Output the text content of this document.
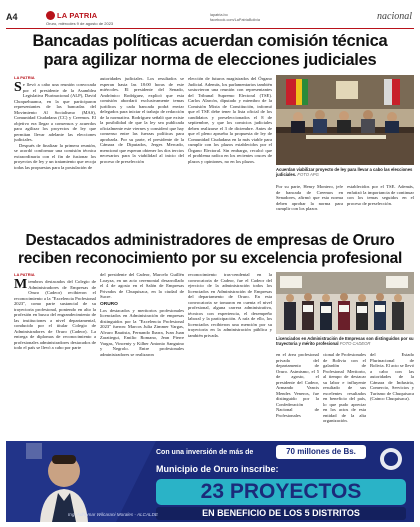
A4	LA PATRIA
Oruro, miércoles 9 de agosto de 2023
lapatria.bo
facebook.com/LaPatriaBolivia	nacional
Bancadas políticas acuerdan comisión técnica
para agilizar norma de elecciones judiciales
LA PATRIA
S e llevó a cabo una reunión convocada por el presidente de la Asamblea Legislativa Plurinacional (ALP), David Choquehuanca, en la que participaron representantes de las bancadas del Movimiento Al Socialismo (MAS), Comunidad Ciudadana (CC) y Creemos. El objetivo era llegar a consensos y acuerdos para agilizar los proyectos de ley que permitan llevar adelante las elecciones judiciales.

Después de finalizar la primera reunión, se acordó conformar una comisión técnica extraordinaria con el fin de fusionar los proyectos de ley y un tratamiento que recoja todas las propuestas para la postulación de

autoridades judiciales. Los resultados se esperan hasta las 18:00 horas de este miércoles. El presidente del Senado, Andrónico Rodríguez, explicó que esta comisión abordará exclusivamente temas jurídicos y cada bancada podrá enviar delegados para iniciar el trabajo de redacción de la normativa. Rodríguez señaló que existe la posibilidad de que la ley sea publicada oficialmente este viernes y consideró que hay consenso entre las fuerzas políticas para aprobarla. Por su parte, el presidente de la Cámara de Diputados, Jerges Mercado, mencionó que esperan obtener los dos tercios necesarios para la viabilidad al inicio del proceso de preselección

elección de futuros magistrados del Órgano Judicial. Además, los parlamentarios también sostuvieron una reunión con representantes del Tribunal Supremo Electoral (TSE). Carlos Alarcón, diputado y miembro de la Comisión Mixta de Constitución, informó que el TSE debe tener la lista oficial de los candidatos y preseleccionados el 8 de septiembre, y que los comicios judiciales deben realizarse el 3 de diciembre. Antes de que el pleno aprueba la propuesta de ley de Comunidad Ciudadana en la más viable para cumplir con los plazos establecidos por el Órgano Electoral. Sin embargo, recalcó que el problema radica en los recientes cruces de plazos y opiniones, no en los plazos.

Acuerdan viabilizar proyecto de ley para llevar a cabo las elecciones judiciales. FOTO APG

Por su parte, Henry Montero, jefe de bancada de Creemos en Senadores, afirmó que esta norma deben aprobar la norma para cumplir con los plazos

establecidos por el TSE. Además, enfatizó la importancia de continuar con los temas seguidos en el proceso de preselección.

Destacados administradores de empresas de Oruro
reciben reconocimiento por su excelencia profesional
LA PATRIA
M iembros destacados del Colegio de Administradores de Empresas de Oruro (Cadeor) recibieron el reconocimiento a la "Excelencia Profesional 2023", como parte sustancial de su trayectoria profesional, poniendo en alto la profesión en busca del engrandecimiento de las instituciones a nivel departamental, conducido por el titular Colegio de Administradores de Oruro (Cadeor). La entrega de diplomas de reconocimiento a profesionales administradores destacados de todo el país se llevó a cabo por parte

del presidente del Cadeor, Marcelo Guillén Loayza, en un acto ceremonial desarrollado el 4 de agosto en el Salón de Empresas Privados de Chuquisaca, en la ciudad de Sucre.

ORURO

Los destacados y meritorios profesionales licenciados en Administración de empresas distinguidos por la "Excelencia Profesional 2023" fueron: Marcos Julia Zimmer Vargas, Alvaro Bautista, Fernando Ibarra, Ivan Juan Zaratiegui, Emilio Romano, Jean Pierre Vargas, Vincenty y Kilber Antonio Sanguino y Negrolo. Entre profesionales administradores se realizaron

reconocimiento tras-cendental en la convocatoria de Cadeor, fue el Cadeor del ejercicio de la administración todos los licenciados en Administración de Empresas del departamento de Oruro. En esta convocatoria se tomaron en cuenta el nivel profesional, alguna carrera administrativa, técnicos con experiencia, el desempeño laboral y la participación. A raíz de ello, los licenciados recibieron una mención por su trayectoria en la administración pública y también privada.

Licenciados en Administración de Empresas son distinguidos por su trayectoria y mérito profesional FOTO CADEOR

en el área profesional privada del departamento de Oruro. Asimismo, el 5 de agosto, el presidente del Cadeor, Armando Vancis Mendes Veneros, fue distinguido por la Confederación Nacional de Profesionales

cional de Profesionales de Bolivia con el galardón de Profesional Meritorio, al tiempo de destacar su labor e influyente resultado de sus excelentes resultados en beneficio del país, lo que pudo apreciar en los actos de esta entidad de la alta organización.

del Estado Plurinacional de Bolivia. El acto se llevó a cabo con las autoridades de la Cámara de Industria, Comercio, Servicios y Turismo de Chuquisaca (Cainco Chuquisaca).

Con una inversión de más de	70 millones de Bs.
Municipio de Oruro inscribe:
23 PROYECTOS
EN BENEFICIO DE LOS 5 DISTRITOS
Ing. Adhemar Wilcarani Morales - ALCALDE
